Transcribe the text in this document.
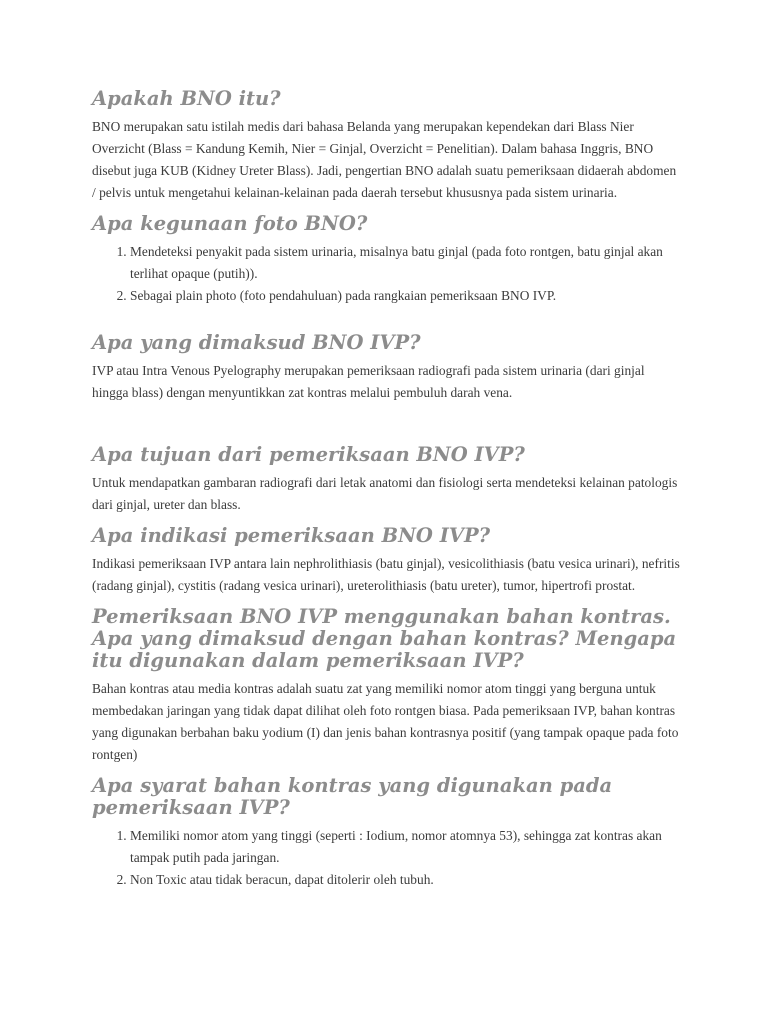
Apakah BNO itu?

BNO merupakan satu istilah medis dari bahasa Belanda yang merupakan kependekan dari Blass Nier Overzicht (Blass = Kandung Kemih, Nier = Ginjal, Overzicht = Penelitian). Dalam bahasa Inggris, BNO disebut juga KUB (Kidney Ureter Blass). Jadi, pengertian BNO adalah suatu pemeriksaan didaerah abdomen / pelvis untuk mengetahui kelainan-kelainan pada daerah tersebut khususnya pada sistem urinaria.

Apa kegunaan foto BNO?
1. Mendeteksi penyakit pada sistem urinaria, misalnya batu ginjal (pada foto rontgen, batu ginjal akan terlihat opaque (putih)).
2. Sebagai plain photo (foto pendahuluan) pada rangkaian pemeriksaan BNO IVP.
Apa yang dimaksud BNO IVP?

IVP atau Intra Venous Pyelography merupakan pemeriksaan radiografi pada sistem urinaria (dari ginjal hingga blass) dengan menyuntikkan zat kontras melalui pembuluh darah vena.

Apa tujuan dari pemeriksaan BNO IVP?

Untuk mendapatkan gambaran radiografi dari letak anatomi dan fisiologi serta mendeteksi kelainan patologis dari ginjal, ureter dan blass.

Apa indikasi pemeriksaan BNO IVP?

Indikasi pemeriksaan IVP antara lain nephrolithiasis (batu ginjal), vesicolithiasis (batu vesica urinari), nefritis (radang ginjal), cystitis (radang vesica urinari), ureterolithiasis (batu ureter), tumor, hipertrofi prostat.

Pemeriksaan BNO IVP menggunakan bahan kontras. Apa yang dimaksud dengan bahan kontras? Mengapa itu digunakan dalam pemeriksaan IVP?

Bahan kontras atau media kontras adalah suatu zat yang memiliki nomor atom tinggi yang berguna untuk membedakan jaringan yang tidak dapat dilihat oleh foto rontgen biasa. Pada pemeriksaan IVP, bahan kontras yang digunakan berbahan baku yodium (I) dan jenis bahan kontrasnya positif (yang tampak opaque pada foto rontgen)

Apa syarat bahan kontras yang digunakan pada pemeriksaan IVP?
1. Memiliki nomor atom yang tinggi (seperti : Iodium, nomor atomnya 53), sehingga zat kontras akan tampak putih pada jaringan.
2. Non Toxic atau tidak beracun, dapat ditolerir oleh tubuh.
